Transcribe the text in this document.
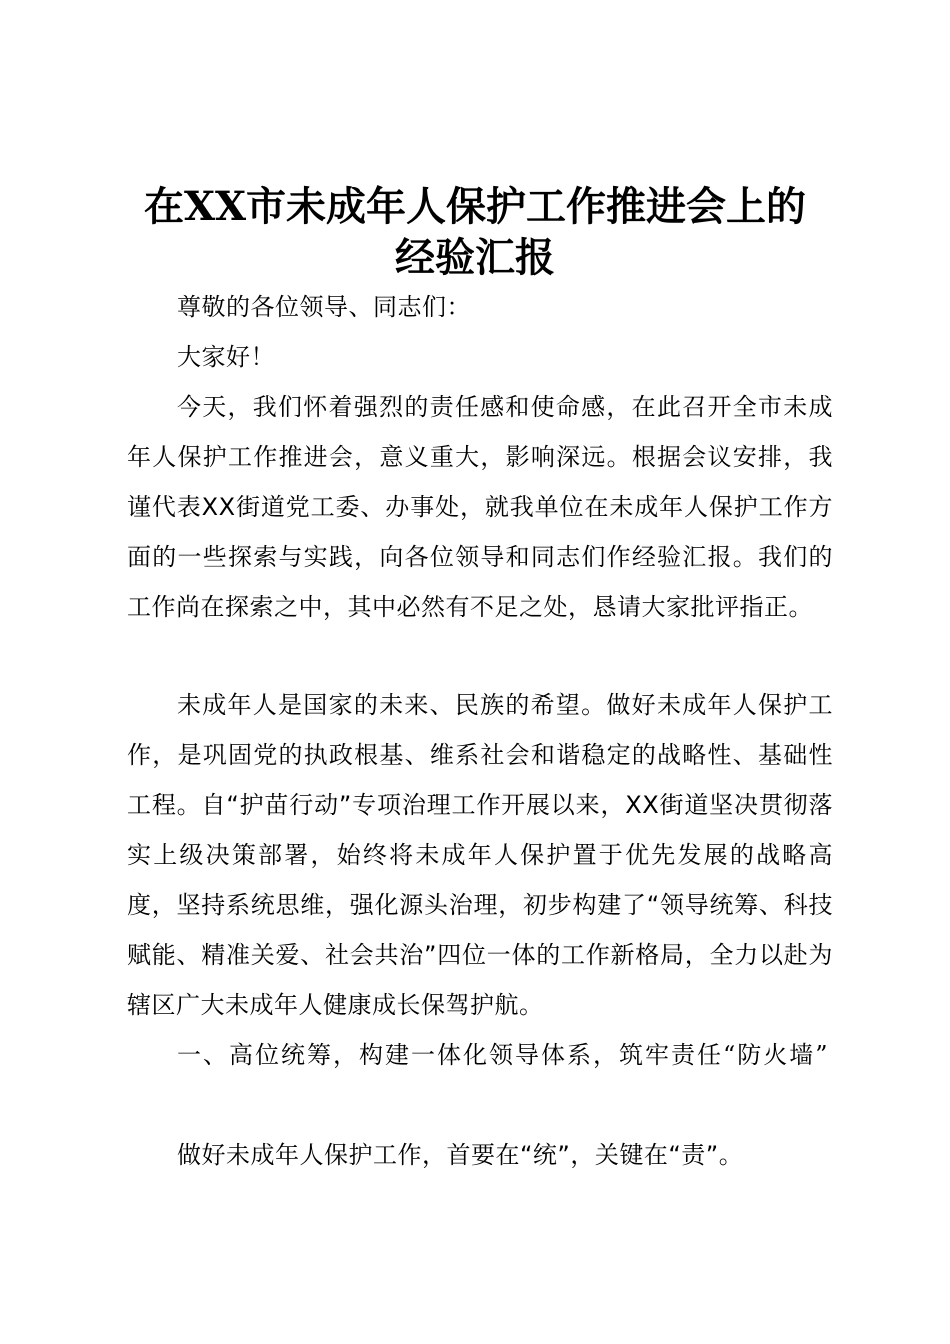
在XX市未成年人保护工作推进会上的
经验汇报

尊敬的各位领导、同志们：

大家好！

今天，我们怀着强烈的责任感和使命感，在此召开全市未成年人保护工作推进会，意义重大，影响深远。根据会议安排，我谨代表XX街道党工委、办事处，就我单位在未成年人保护工作方面的一些探索与实践，向各位领导和同志们作经验汇报。我们的工作尚在探索之中，其中必然有不足之处，恳请大家批评指正。

未成年人是国家的未来、民族的希望。做好未成年人保护工作，是巩固党的执政根基、维系社会和谐稳定的战略性、基础性工程。自“护苗行动”专项治理工作开展以来，XX街道坚决贯彻落实上级决策部署，始终将未成年人保护置于优先发展的战略高度，坚持系统思维，强化源头治理，初步构建了“领导统筹、科技赋能、精准关爱、社会共治”四位一体的工作新格局，全力以赴为辖区广大未成年人健康成长保驾护航。

一、高位统筹，构建一体化领导体系，筑牢责任“防火墙”

做好未成年人保护工作，首要在“统”，关键在“责”。
